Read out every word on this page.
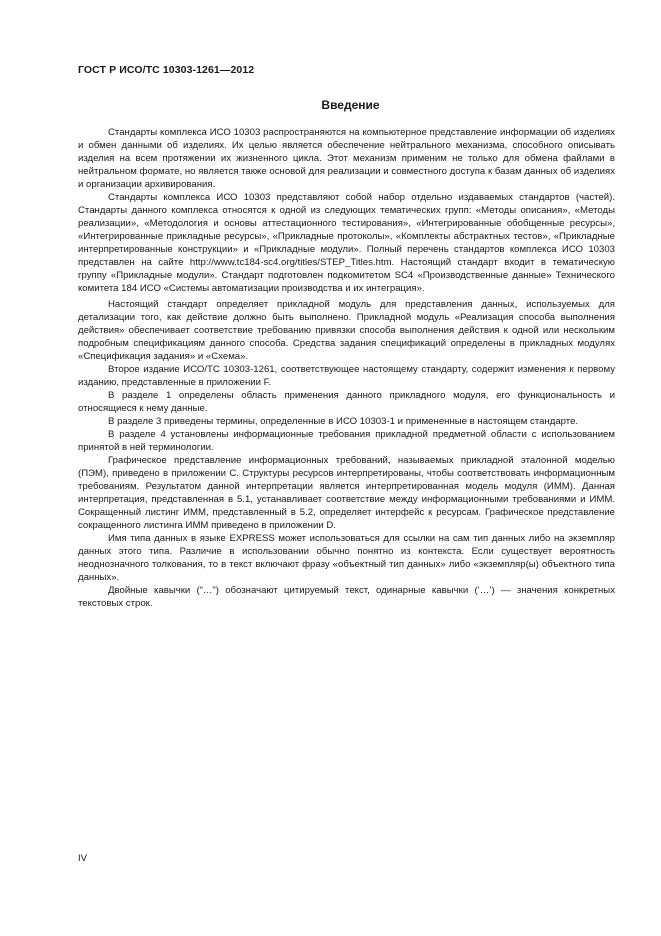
ГОСТ Р ИСО/ТС 10303-1261—2012
Введение

Стандарты комплекса ИСО 10303 распространяются на компьютерное представление информации об изделиях и обмен данными об изделиях. Их целью является обеспечение нейтрального механизма, способного описывать изделия на всем протяжении их жизненного цикла. Этот механизм применим не только для обмена файлами в нейтральном формате, но является также основой для реализации и совместного доступа к базам данных об изделиях и организации архивирования.

Стандарты комплекса ИСО 10303 представляют собой набор отдельно издаваемых стандартов (частей). Стандарты данного комплекса относятся к одной из следующих тематических групп: «Методы описания», «Методы реализации», «Методология и основы аттестационного тестирования», «Интегрированные обобщенные ресурсы», «Интегрированные прикладные ресурсы», «Прикладные протоколы», «Комплекты абстрактных тестов», «Прикладные интерпретированные конструкции» и «Прикладные модули». Полный перечень стандартов комплекса ИСО 10303 представлен на сайте http://www.tc184-sc4.org/titles/STEP_Titles.htm. Настоящий стандарт входит в тематическую группу «Прикладные модули». Стандарт подготовлен подкомитетом SC4 «Производственные данные» Технического комитета 184 ИСО «Системы автоматизации производства и их интеграция».

Настоящий стандарт определяет прикладной модуль для представления данных, используемых для детализации того, как действие должно быть выполнено. Прикладной модуль «Реализация способа выполнения действия» обеспечивает соответствие требованию привязки способа выполнения действия к одной или нескольким подробным спецификациям данного способа. Средства задания спецификаций определены в прикладных модулях «Спецификация задания» и «Схема».

Второе издание ИСО/ТС 10303-1261, соответствующее настоящему стандарту, содержит изменения к первому изданию, представленные в приложении F.

В разделе 1 определены область применения данного прикладного модуля, его функциональность и относящиеся к нему данные.

В разделе 3 приведены термины, определенные в ИСО 10303-1 и примененные в настоящем стандарте.

В разделе 4 установлены информационные требования прикладной предметной области с использованием принятой в ней терминологии.

Графическое представление информационных требований, называемых прикладной эталонной моделью (ПЭМ), приведено в приложении С. Структуры ресурсов интерпретированы, чтобы соответствовать информационным требованиям. Результатом данной интерпретации является интерпретированная модель модуля (ИММ). Данная интерпретация, представленная в 5.1, устанавливает соответствие между информационными требованиями и ИММ. Сокращенный листинг ИММ, представленный в 5.2, определяет интерфейс к ресурсам. Графическое представление сокращенного листинга ИММ приведено в приложении D.

Имя типа данных в языке EXPRESS может использоваться для ссылки на сам тип данных либо на экземпляр данных этого типа. Различие в использовании обычно понятно из контекста. Если существует вероятность неоднозначного толкования, то в текст включают фразу «объектный тип данных» либо «экземпляр(ы) объектного типа данных».

Двойные кавычки (“…”) обозначают цитируемый текст, одинарные кавычки (‘…’) — значения конкретных текстовых строк.

IV
